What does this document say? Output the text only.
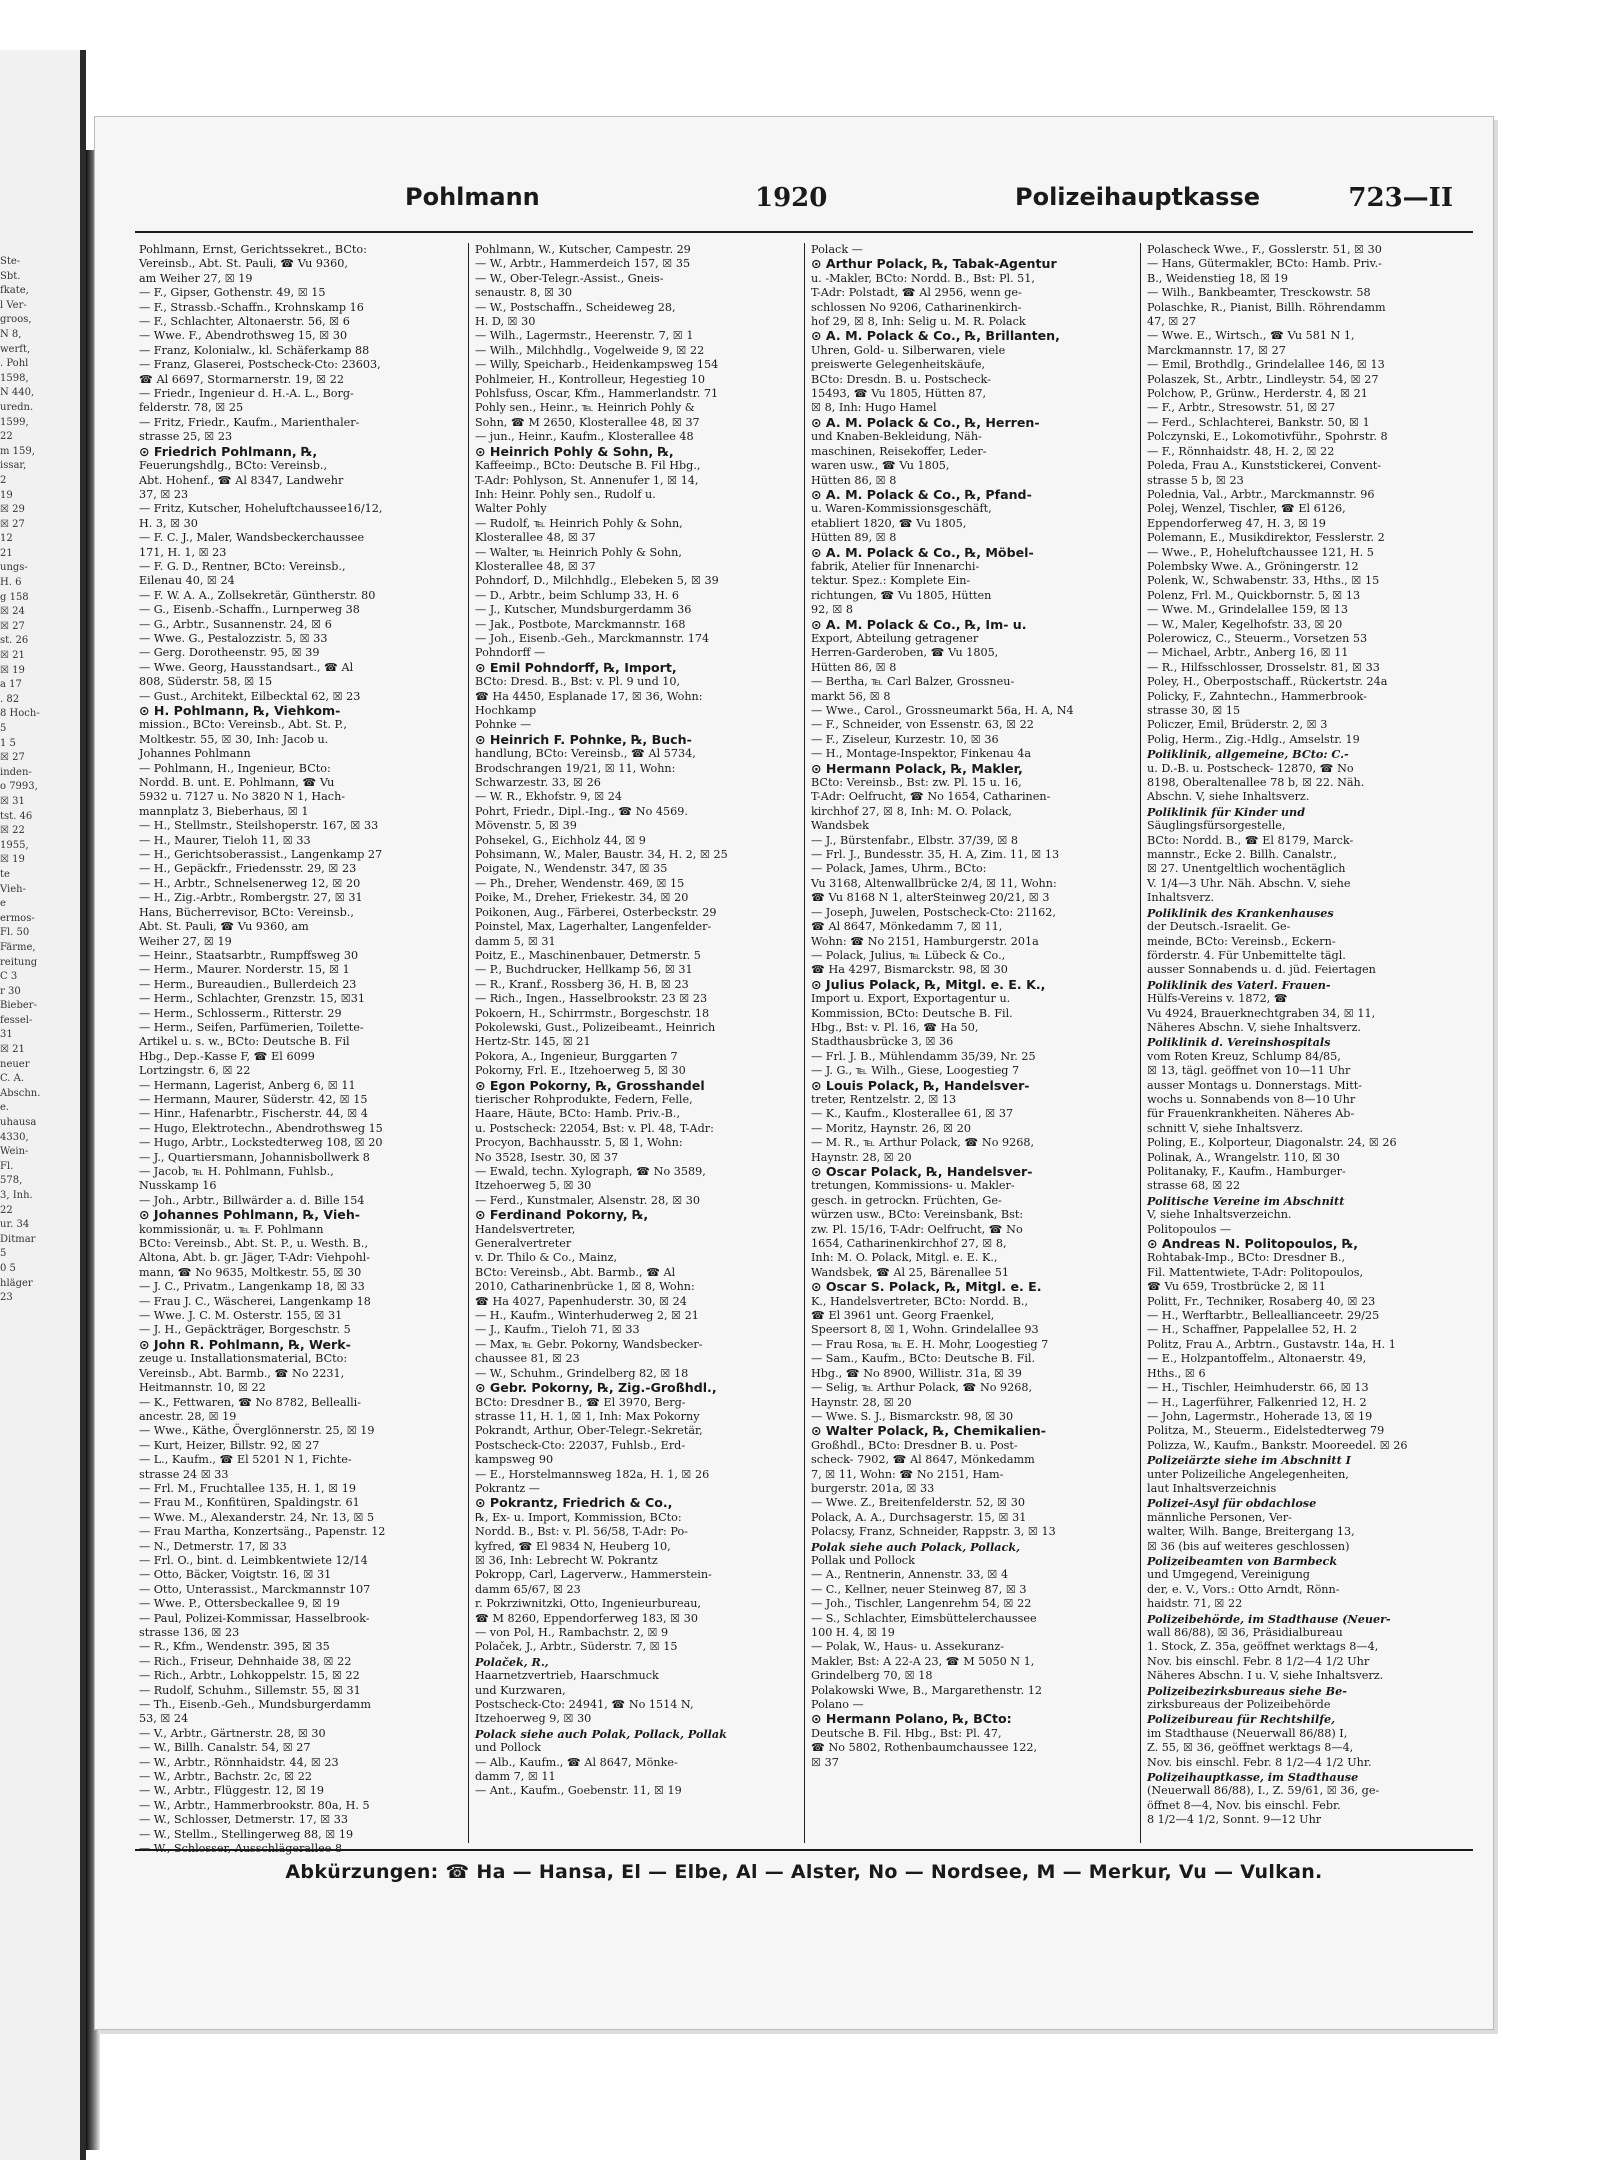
Ste-
Sbt.
fkate,
l Ver-
groos,
N 8,
werft,
. Pohl
1598,
N 440,
uredn.
1599,
22
m 159,
issar,
2
19
☒ 29
☒ 27
12
21
ungs-
H. 6
g 158
☒ 24
☒ 27
st. 26
☒ 21
☒ 19
a 17
. 82
8 Hoch-
5
1 5
☒ 27
inden-
o 7993,
☒ 31
tst. 46
☒ 22
1955,
☒ 19
te
Vieh-
e
ermos-
Fl. 50
Färme,
reitung
C 3
r 30
Bieber-
fessel-
31
☒ 21
neuer
C. A.
Abschn.
e.
uhausa
4330,
Wein-
Fl.
578,
3, Inh.
22
ur. 34
Ditmar
5
0 5
hläger
23
Pohlmann	1920	Polizeihauptkasse	723—II
Pohlmann, Ernst, Gerichtssekret., BCto:
Vereinsb., Abt. St. Pauli, ☎ Vu 9360,
am Weiher 27, ☒ 19
— F., Gipser, Gothenstr. 49, ☒ 15
— F., Strassb.-Schaffn., Krohnskamp 16
— F., Schlachter, Altonaerstr. 56, ☒ 6
— Wwe. F., Abendrothsweg 15, ☒ 30
— Franz, Kolonialw., kl. Schäferkamp 88
— Franz, Glaserei, Postscheck-Cto: 23603,
☎ Al 6697, Stormarnerstr. 19, ☒ 22
— Friedr., Ingenieur d. H.-A. L., Borg-
felderstr. 78, ☒ 25
— Fritz, Friedr., Kaufm., Marienthaler-
strasse 25, ☒ 23
⊙ Friedrich Pohlmann, ℞,
Feuerungshdlg., BCto: Vereinsb.,
Abt. Hohenf., ☎ Al 8347, Landwehr
37, ☒ 23
— Fritz, Kutscher, Hoheluftchaussee16/12,
H. 3, ☒ 30
— F. C. J., Maler, Wandsbeckerchaussee
171, H. 1, ☒ 23
— F. G. D., Rentner, BCto: Vereinsb.,
Eilenau 40, ☒ 24
— F. W. A. A., Zollsekretär, Güntherstr. 80
— G., Eisenb.-Schaffn., Lurnperweg 38
— G., Arbtr., Susannenstr. 24, ☒ 6
— Wwe. G., Pestalozzistr. 5, ☒ 33
— Gerg. Dorotheenstr. 95, ☒ 39
— Wwe. Georg, Hausstandsart., ☎ Al
808, Süderstr. 58, ☒ 15
— Gust., Architekt, Eilbecktal 62, ☒ 23
⊙ H. Pohlmann, ℞, Viehkom-
mission., BCto: Vereinsb., Abt. St. P.,
Moltkestr. 55, ☒ 30, Inh: Jacob u.
Johannes Pohlmann
— Pohlmann, H., Ingenieur, BCto:
Nordd. B. unt. E. Pohlmann, ☎ Vu
5932 u. 7127 u. No 3820 N 1, Hach-
mannplatz 3, Bieberhaus, ☒ 1
— H., Stellmstr., Steilshoperstr. 167, ☒ 33
— H., Maurer, Tieloh 11, ☒ 33
— H., Gerichtsoberassist., Langenkamp 27
— H., Gepäckfr., Friedensstr. 29, ☒ 23
— H., Arbtr., Schnelsenerweg 12, ☒ 20
— H., Zig.-Arbtr., Rombergstr. 27, ☒ 31
Hans, Bücherrevisor, BCto: Vereinsb.,
Abt. St. Pauli, ☎ Vu 9360, am
Weiher 27, ☒ 19
— Heinr., Staatsarbtr., Rumpffsweg 30
— Herm., Maurer. Norderstr. 15, ☒ 1
— Herm., Bureaudien., Bullerdeich 23
— Herm., Schlachter, Grenzstr. 15, ☒31
— Herm., Schlosserm., Ritterstr. 29
— Herm., Seifen, Parfümerien, Toilette-
Artikel u. s. w., BCto: Deutsche B. Fil
Hbg., Dep.-Kasse F, ☎ El 6099
Lortzingstr. 6, ☒ 22
— Hermann, Lagerist, Anberg 6, ☒ 11
— Hermann, Maurer, Süderstr. 42, ☒ 15
— Hinr., Hafenarbtr., Fischerstr. 44, ☒ 4
— Hugo, Elektrotechn., Abendrothsweg 15
— Hugo, Arbtr., Lockstedterweg 108, ☒ 20
— J., Quartiersmann, Johannisbollwerk 8
— Jacob, ℡ H. Pohlmann, Fuhlsb.,
Nusskamp 16
— Joh., Arbtr., Billwärder a. d. Bille 154
⊙ Johannes Pohlmann, ℞, Vieh-
kommissionär, u. ℡ F. Pohlmann
BCto: Vereinsb., Abt. St. P., u. Westh. B.,
Altona, Abt. b. gr. Jäger, T-Adr: Viehpohl-
mann, ☎ No 9635, Moltkestr. 55, ☒ 30
— J. C., Privatm., Langenkamp 18, ☒ 33
— Frau J. C., Wäscherei, Langenkamp 18
— Wwe. J. C. M. Osterstr. 155, ☒ 31
— J. H., Gepäckträger, Borgeschstr. 5
⊙ John R. Pohlmann, ℞, Werk-
zeuge u. Installationsmaterial, BCto:
Vereinsb., Abt. Barmb., ☎ No 2231,
Heitmannstr. 10, ☒ 22
— K., Fettwaren, ☎ No 8782, Bellealli-
ancestr. 28, ☒ 19
— Wwe., Käthe, Överglönnerstr. 25, ☒ 19
— Kurt, Heizer, Billstr. 92, ☒ 27
— L., Kaufm., ☎ El 5201 N 1, Fichte-
strasse 24 ☒ 33
— Frl. M., Fruchtallee 135, H. 1, ☒ 19
— Frau M., Konfitüren, Spaldingstr. 61
— Wwe. M., Alexanderstr. 24, Nr. 13, ☒ 5
— Frau Martha, Konzertsäng., Papenstr. 12
— N., Detmerstr. 17, ☒ 33
— Frl. O., bint. d. Leimbkentwiete 12/14
— Otto, Bäcker, Voigtstr. 16, ☒ 31
— Otto, Unterassist., Marckmannstr 107
— Wwe. P., Ottersbeckallee 9, ☒ 19
— Paul, Polizei-Kommissar, Hasselbrook-
strasse 136, ☒ 23
— R., Kfm., Wendenstr. 395, ☒ 35
— Rich., Friseur, Dehnhaide 38, ☒ 22
— Rich., Arbtr., Lohkoppelstr. 15, ☒ 22
— Rudolf, Schuhm., Sillemstr. 55, ☒ 31
— Th., Eisenb.-Geh., Mundsburgerdamm
53, ☒ 24
— V., Arbtr., Gärtnerstr. 28, ☒ 30
— W., Billh. Canalstr. 54, ☒ 27
— W., Arbtr., Rönnhaidstr. 44, ☒ 23
— W., Arbtr., Bachstr. 2c, ☒ 22
— W., Arbtr., Flüggestr. 12, ☒ 19
— W., Arbtr., Hammerbrookstr. 80a, H. 5
— W., Schlosser, Detmerstr. 17, ☒ 33
— W., Stellm., Stellingerweg 88, ☒ 19
Pohlmann, W., Kutscher, Campestr. 29
— W., Arbtr., Hammerdeich 157, ☒ 35
— W., Ober-Telegr.-Assist., Gneis-
senaustr. 8, ☒ 30
— W., Postschaffn., Scheideweg 28,
H. D, ☒ 30
— Wilh., Lagermstr., Heerenstr. 7, ☒ 1
— Wilh., Milchhdlg., Vogelweide 9, ☒ 22
— Willy, Speicharb., Heidenkampsweg 154
Pohlmeier, H., Kontrolleur, Hegestieg 10
Pohlsfuss, Oscar, Kfm., Hammerlandstr. 71
Pohly sen., Heinr., ℡ Heinrich Pohly &
Sohn, ☎ M 2650, Klosterallee 48, ☒ 37
— jun., Heinr., Kaufm., Klosterallee 48
⊙ Heinrich Pohly & Sohn, ℞,
Kaffeeimp., BCto: Deutsche B. Fil Hbg.,
T-Adr: Pohlyson, St. Annenufer 1, ☒ 14,
Inh: Heinr. Pohly sen., Rudolf u.
Walter Pohly
— Rudolf, ℡ Heinrich Pohly & Sohn,
Klosterallee 48, ☒ 37
— Walter, ℡ Heinrich Pohly & Sohn,
Klosterallee 48, ☒ 37
Pohndorf, D., Milchhdlg., Elebeken 5, ☒ 39
— D., Arbtr., beim Schlump 33, H. 6
— J., Kutscher, Mundsburgerdamm 36
— Jak., Postbote, Marckmannstr. 168
— Joh., Eisenb.-Geh., Marckmannstr. 174
Pohndorff —
⊙ Emil Pohndorff, ℞, Import,
BCto: Dresd. B., Bst: v. Pl. 9 und 10,
☎ Ha 4450, Esplanade 17, ☒ 36, Wohn:
Hochkamp
Pohnke —
⊙ Heinrich F. Pohnke, ℞, Buch-
handlung, BCto: Vereinsb., ☎ Al 5734,
Brodschrangen 19/21, ☒ 11, Wohn:
Schwarzestr. 33, ☒ 26
— W. R., Ekhofstr. 9, ☒ 24
Pohrt, Friedr., Dipl.-Ing., ☎ No 4569.
Mövenstr. 5, ☒ 39
Pohsekel, G., Eichholz 44, ☒ 9
Pohsimann, W., Maler, Baustr. 34, H. 2, ☒ 25
Poigate, N., Wendenstr. 347, ☒ 35
— Ph., Dreher, Wendenstr. 469, ☒ 15
Poike, M., Dreher, Friekestr. 34, ☒ 20
Poikonen, Aug., Färberei, Osterbeckstr. 29
Poinstel, Max, Lagerhalter, Langenfelder-
damm 5, ☒ 31
Poitz, E., Maschinenbauer, Detmerstr. 5
— P., Buchdrucker, Hellkamp 56, ☒ 31
— R., Kranf., Rossberg 36, H. B, ☒ 23
— Rich., Ingen., Hasselbrookstr. 23 ☒ 23
Pokoern, H., Schirrmstr., Borgeschstr. 18
Pokolewski, Gust., Polizeibeamt., Heinrich
Hertz-Str. 145, ☒ 21
Pokora, A., Ingenieur, Burggarten 7
Pokorny, Frl. E., Itzehoerweg 5, ☒ 30
⊙ Egon Pokorny, ℞, Grosshandel
tierischer Rohprodukte, Federn, Felle,
Haare, Häute, BCto: Hamb. Priv.-B.,
u. Postscheck: 22054, Bst: v. Pl. 48, T-Adr:
Procyon, Bachhausstr. 5, ☒ 1, Wohn:
No 3528, Isestr. 30, ☒ 37
— Ewald, techn. Xylograph, ☎ No 3589,
Itzehoerweg 5, ☒ 30
— Ferd., Kunstmaler, Alsenstr. 28, ☒ 30
⊙ Ferdinand Pokorny, ℞,
Handelsvertreter,
Generalvertreter
v. Dr. Thilo & Co., Mainz,
BCto: Vereinsb., Abt. Barmb., ☎ Al
2010, Catharinenbrücke 1, ☒ 8, Wohn:
☎ Ha 4027, Papenhuderstr. 30, ☒ 24
— H., Kaufm., Winterhuderweg 2, ☒ 21
— J., Kaufm., Tieloh 71, ☒ 33
— Max, ℡ Gebr. Pokorny, Wandsbecker-
chaussee 81, ☒ 23
— W., Schuhm., Grindelberg 82, ☒ 18
⊙ Gebr. Pokorny, ℞, Zig.-Großhdl.,
BCto: Dresdner B., ☎ El 3970, Berg-
strasse 11, H. 1, ☒ 1, Inh: Max Pokorny
Pokrandt, Arthur, Ober-Telegr.-Sekretär,
Postscheck-Cto: 22037, Fuhlsb., Erd-
kampsweg 90
— E., Horstelmannsweg 182a, H. 1, ☒ 26
Pokrantz —
⊙ Pokrantz, Friedrich & Co.,
℞, Ex- u. Import, Kommission, BCto:
Nordd. B., Bst: v. Pl. 56/58, T-Adr: Po-
kyfred, ☎ El 9834 N, Heuberg 10,
☒ 36, Inh: Lebrecht W. Pokrantz
Pokropp, Carl, Lagerverw., Hammerstein-
damm 65/67, ☒ 23
r. Pokrziwnitzki, Otto, Ingenieurbureau,
☎ M 8260, Eppendorferweg 183, ☒ 30
— von Pol, H., Rambachstr. 2, ☒ 9
Polaček, J., Arbtr., Süderstr. 7, ☒ 15
Polaček, R.,
Haarnetzvertrieb, Haarschmuck
und Kurzwaren,
Postscheck-Cto: 24941, ☎ No 1514 N,
Itzehoerweg 9, ☒ 30
Polack siehe auch Polak, Pollack, Pollak
und Pollock
— Alb., Kaufm., ☎ Al 8647, Mönke-
damm 7, ☒ 11
— Ant., Kaufm., Goebenstr. 11, ☒ 19
Polack —
⊙ Arthur Polack, ℞, Tabak-Agentur
u. -Makler, BCto: Nordd. B., Bst: Pl. 51,
T-Adr: Polstadt, ☎ Al 2956, wenn ge-
schlossen No 9206, Catharinenkirch-
hof 29, ☒ 8, Inh: Selig u. M. R. Polack
⊙ A. M. Polack & Co., ℞, Brillanten,
Uhren, Gold- u. Silberwaren, viele
preiswerte Gelegenheitskäufe,
BCto: Dresdn. B. u. Postscheck-
15493, ☎ Vu 1805, Hütten 87,
☒ 8, Inh: Hugo Hamel
⊙ A. M. Polack & Co., ℞, Herren-
und Knaben-Bekleidung, Näh-
maschinen, Reisekoffer, Leder-
waren usw., ☎ Vu 1805,
Hütten 86, ☒ 8
⊙ A. M. Polack & Co., ℞, Pfand-
u. Waren-Kommissionsgeschäft,
etabliert 1820, ☎ Vu 1805,
Hütten 89, ☒ 8
⊙ A. M. Polack & Co., ℞, Möbel-
fabrik, Atelier für Innenarchi-
tektur. Spez.: Komplete Ein-
richtungen, ☎ Vu 1805, Hütten
92, ☒ 8
⊙ A. M. Polack & Co., ℞, Im- u.
Export, Abteilung getragener
Herren-Garderoben, ☎ Vu 1805,
Hütten 86, ☒ 8
— Bertha, ℡ Carl Balzer, Grossneu-
markt 56, ☒ 8
— Wwe., Carol., Grossneumarkt 56a, H. A, N4
— F., Schneider, von Essenstr. 63, ☒ 22
— F., Ziseleur, Kurzestr. 10, ☒ 36
— H., Montage-Inspektor, Finkenau 4a
⊙ Hermann Polack, ℞, Makler,
BCto: Vereinsb., Bst: zw. Pl. 15 u. 16,
T-Adr: Oelfrucht, ☎ No 1654, Catharinen-
kirchhof 27, ☒ 8, Inh: M. O. Polack,
Wandsbek
— J., Bürstenfabr., Elbstr. 37/39, ☒ 8
— Frl. J., Bundesstr. 35, H. A, Zim. 11, ☒ 13
— Polack, James, Uhrm., BCto:
Vu 3168, Altenwallbrücke 2/4, ☒ 11, Wohn:
☎ Vu 8168 N 1, alterSteinweg 20/21, ☒ 3
— Joseph, Juwelen, Postscheck-Cto: 21162,
☎ Al 8647, Mönkedamm 7, ☒ 11,
Wohn: ☎ No 2151, Hamburgerstr. 201a
— Polack, Julius, ℡ Lübeck & Co.,
☎ Ha 4297, Bismarckstr. 98, ☒ 30
⊙ Julius Polack, ℞, Mitgl. e. E. K.,
Import u. Export, Exportagentur u.
Kommission, BCto: Deutsche B. Fil.
Hbg., Bst: v. Pl. 16, ☎ Ha 50,
Stadthausbrücke 3, ☒ 36
— Frl. J. B., Mühlendamm 35/39, Nr. 25
— J. G., ℡ Wilh., Giese, Loogestieg 7
⊙ Louis Polack, ℞, Handelsver-
treter, Rentzelstr. 2, ☒ 13
— K., Kaufm., Klosterallee 61, ☒ 37
— Moritz, Haynstr. 26, ☒ 20
— M. R., ℡ Arthur Polack, ☎ No 9268,
Haynstr. 28, ☒ 20
⊙ Oscar Polack, ℞, Handelsver-
tretungen, Kommissions- u. Makler-
gesch. in getrockn. Früchten, Ge-
würzen usw., BCto: Vereinsbank, Bst:
zw. Pl. 15/16, T-Adr: Oelfrucht, ☎ No
1654, Catharinenkirchhof 27, ☒ 8,
Inh: M. O. Polack, Mitgl. e. E. K.,
Wandsbek, ☎ Al 25, Bärenallee 51
⊙ Oscar S. Polack, ℞, Mitgl. e. E.
K., Handelsvertreter, BCto: Nordd. B.,
☎ El 3961 unt. Georg Fraenkel,
Speersort 8, ☒ 1, Wohn. Grindelallee 93
— Frau Rosa, ℡ E. H. Mohr, Loogestieg 7
— Sam., Kaufm., BCto: Deutsche B. Fil.
Hbg., ☎ No 8900, Willistr. 31a, ☒ 39
— Selig, ℡ Arthur Polack, ☎ No 9268,
Haynstr. 28, ☒ 20
— Wwe. S. J., Bismarckstr. 98, ☒ 30
⊙ Walter Polack, ℞, Chemikalien-
Großhdl., BCto: Dresdner B. u. Post-
scheck- 7902, ☎ Al 8647, Mönkedamm
7, ☒ 11, Wohn: ☎ No 2151, Ham-
burgerstr. 201a, ☒ 33
— Wwe. Z., Breitenfelderstr. 52, ☒ 30
Polack, A. A., Durchsagerstr. 15, ☒ 31
Polacsy, Franz, Schneider, Rappstr. 3, ☒ 13
Polak siehe auch Polack, Pollack,
Pollak und Pollock
— A., Rentnerin, Annenstr. 33, ☒ 4
— C., Kellner, neuer Steinweg 87, ☒ 3
— Joh., Tischler, Langenrehm 54, ☒ 22
— S., Schlachter, Eimsbüttelerchaussee
100 H. 4, ☒ 19
— Polak, W., Haus- u. Assekuranz-
Makler, Bst: A 22-A 23, ☎ M 5050 N 1,
Grindelberg 70, ☒ 18
Polakowski Wwe, B., Margarethenstr. 12
Polano —
⊙ Hermann Polano, ℞, BCto:
Deutsche B. Fil. Hbg., Bst: Pl. 47,
☎ No 5802, Rothenbaumchaussee 122,
☒ 37
Polascheck Wwe., F., Gosslerstr. 51, ☒ 30
— Hans, Gütermakler, BCto: Hamb. Priv.-
B., Weidenstieg 18, ☒ 19
— Wilh., Bankbeamter, Tresckowstr. 58
Polaschke, R., Pianist, Billh. Röhrendamm
47, ☒ 27
— Wwe. E., Wirtsch., ☎ Vu 581 N 1,
Marckmannstr. 17, ☒ 27
— Emil, Brothdlg., Grindelallee 146, ☒ 13
Polaszek, St., Arbtr., Lindleystr. 54, ☒ 27
Polchow, P., Grünw., Herderstr. 4, ☒ 21
— F., Arbtr., Stresowstr. 51, ☒ 27
— Ferd., Schlachterei, Bankstr. 50, ☒ 1
Polczynski, E., Lokomotivführ., Spohrstr. 8
— F., Rönnhaidstr. 48, H. 2, ☒ 22
Poleda, Frau A., Kunststickerei, Convent-
strasse 5 b, ☒ 23
Polednia, Val., Arbtr., Marckmannstr. 96
Polej, Wenzel, Tischler, ☎ El 6126,
Eppendorferweg 47, H. 3, ☒ 19
Polemann, E., Musikdirektor, Fesslerstr. 2
— Wwe., P., Hoheluftchaussee 121, H. 5
Polembsky Wwe. A., Gröningerstr. 12
Polenk, W., Schwabenstr. 33, Hths., ☒ 15
Polenz, Frl. M., Quickbornstr. 5, ☒ 13
— Wwe. M., Grindelallee 159, ☒ 13
— W., Maler, Kegelhofstr. 33, ☒ 20
Polerowicz, C., Steuerm., Vorsetzen 53
— Michael, Arbtr., Anberg 16, ☒ 11
— R., Hilfsschlosser, Drosselstr. 81, ☒ 33
Poley, H., Oberpostschaff., Rückertstr. 24a
Policky, F., Zahntechn., Hammerbrook-
strasse 30, ☒ 15
Policzer, Emil, Brüderstr. 2, ☒ 3
Polig, Herm., Zig.-Hdlg., Amselstr. 19
Poliklinik, allgemeine, BCto: C.-
u. D.-B. u. Postscheck- 12870, ☎ No
8198, Oberaltenallee 78 b, ☒ 22. Näh.
Abschn. V, siehe Inhaltsverz.
Poliklinik für Kinder und
Säuglingsfürsorgestelle,
BCto: Nordd. B., ☎ El 8179, Marck-
mannstr., Ecke 2. Billh. Canalstr.,
☒ 27. Unentgeltlich wochentäglich
V. 1/4—3 Uhr. Näh. Abschn. V, siehe
Inhaltsverz.
Poliklinik des Krankenhauses
der Deutsch.-Israelit. Ge-
meinde, BCto: Vereinsb., Eckern-
förderstr. 4. Für Unbemittelte tägl.
ausser Sonnabends u. d. jüd. Feiertagen
Poliklinik des Vaterl. Frauen-
Hülfs-Vereins v. 1872, ☎
Vu 4924, Brauerknechtgraben 34, ☒ 11,
Näheres Abschn. V, siehe Inhaltsverz.
Poliklinik d. Vereinshospitals
vom Roten Kreuz, Schlump 84/85,
☒ 13, tägl. geöffnet von 10—11 Uhr
ausser Montags u. Donnerstags. Mitt-
wochs u. Sonnabends von 8—10 Uhr
für Frauenkrankheiten. Näheres Ab-
schnitt V, siehe Inhaltsverz.
Poling, E., Kolporteur, Diagonalstr. 24, ☒ 26
Polinak, A., Wrangelstr. 110, ☒ 30
Politanaky, F., Kaufm., Hamburger-
strasse 68, ☒ 22
Politische Vereine im Abschnitt
V, siehe Inhaltsverzeichn.
Politopoulos —
⊙ Andreas N. Politopoulos, ℞,
Rohtabak-Imp., BCto: Dresdner B.,
Fil. Mattentwiete, T-Adr: Politopoulos,
☎ Vu 659, Trostbrücke 2, ☒ 11
Politt, Fr., Techniker, Rosaberg 40, ☒ 23
— H., Werftarbtr., Belleallianceetr. 29/25
— H., Schaffner, Pappelallee 52, H. 2
Politz, Frau A., Arbtrn., Gustavstr. 14a, H. 1
— E., Holzpantoffelm., Altonaerstr. 49,
Hths., ☒ 6
— H., Tischler, Heimhuderstr. 66, ☒ 13
— H., Lagerführer, Falkenried 12, H. 2
— John, Lagermstr., Hoherade 13, ☒ 19
Politza, M., Steuerm., Eidelstedterweg 79
Polizza, W., Kaufm., Bankstr. Mooreedel. ☒ 26
Polizeiärzte siehe im Abschnitt I
unter Polizeiliche Angelegenheiten,
laut Inhaltsverzeichnis
Polizei-Asyl für obdachlose
männliche Personen, Ver-
walter, Wilh. Bange, Breitergang 13,
☒ 36 (bis auf weiteres geschlossen)
Polizeibeamten von Barmbeck
und Umgegend, Vereinigung
der, e. V., Vors.: Otto Arndt, Rönn-
haidstr. 71, ☒ 22
Polizeibehörde, im Stadthause (Neuer-
wall 86/88), ☒ 36, Präsidialbureau
1. Stock, Z. 35a, geöffnet werktags 8—4,
Nov. bis einschl. Febr. 8 1/2—4 1/2 Uhr
Näheres Abschn. I u. V, siehe Inhaltsverz.
Polizeibezirksbureaus siehe Be-
zirksbureaus der Polizeibehörde
Polizeibureau für Rechtshilfe,
im Stadthause (Neuerwall 86/88) I,
Z. 55, ☒ 36, geöffnet werktags 8—4,
Nov. bis einschl. Febr. 8 1/2—4 1/2 Uhr.
Polizeihauptkasse, im Stadthause
(Neuerwall 86/88), I., Z. 59/61, ☒ 36, ge-
öffnet 8—4, Nov. bis einschl. Febr.
8 1/2—4 1/2, Sonnt. 9—12 Uhr
Abkürzungen: ☎ Ha — Hansa, El — Elbe, Al — Alster, No — Nordsee, M — Merkur, Vu — Vulkan.
